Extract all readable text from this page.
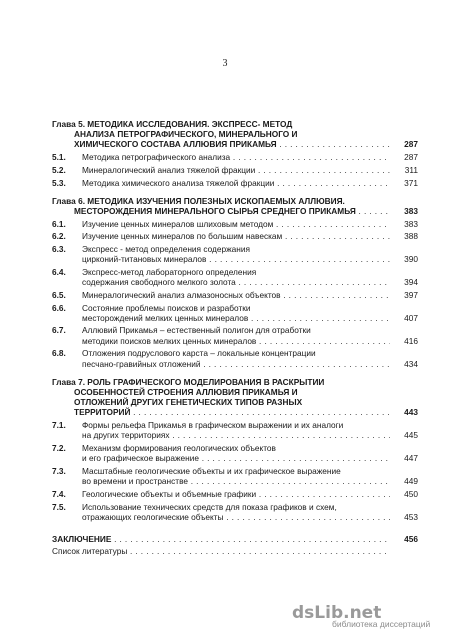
3
Глава 5. МЕТОДИКА ИССЛЕДОВАНИЯ. ЭКСПРЕСС- МЕТОД
АНАЛИЗА ПЕТРОГРАФИЧЕСКОГО, МИНЕРАЛЬНОГО И
ХИМИЧЕСКОГО СОСТАВА АЛЛЮВИЯ ПРИКАМЬЯ . . .	287
5.1. Методика петрографического анализа . . .	287
5.2. Минералогический анализ тяжелой фракции . . .	311
5.3. Методика химического анализа тяжелой фракции . . .	371
Глава 6. МЕТОДИКА ИЗУЧЕНИЯ ПОЛЕЗНЫХ ИСКОПАЕМЫХ АЛЛЮВИЯ.
МЕСТОРОЖДЕНИЯ МИНЕРАЛЬНОГО СЫРЬЯ СРЕДНЕГО ПРИКАМЬЯ . . .	383
6.1. Изучение ценных минералов шлиховым методом . . .	383
6.2. Изучение ценных минералов по большим навескам . . .	388
6.3. Экспресс - метод определения содержания
цирконий-титановых минералов . . .	390
6.4. Экспресс-метод лабораторного определения
содержания свободного мелкого золота . . .	394
6.5. Минералогический анализ алмазоносных объектов . . .	397
6.6. Состояние проблемы поисков и разработки
месторождений мелких ценных минералов . . .	407
6.7. Аллювий Прикамья – естественный полигон для отработки
методики поисков мелких ценных минералов . . .	416
6.8. Отложения подруслового карста – локальные концентрации
песчано-гравийных отложений . . .	434
Глава 7. РОЛЬ ГРАФИЧЕСКОГО МОДЕЛИРОВАНИЯ В РАСКРЫТИИ
ОСОБЕННОСТЕЙ СТРОЕНИЯ АЛЛЮВИЯ ПРИКАМЬЯ И
ОТЛОЖЕНИЙ ДРУГИХ ГЕНЕТИЧЕСКИХ ТИПОВ РАЗНЫХ
ТЕРРИТОРИЙ . . .	443
7.1. Формы рельефа Прикамья в графическом выражении и их аналоги
на других территориях . . .	445
7.2. Механизм формирования геологических объектов
и его графическое выражение . . .	447
7.3. Масштабные геологические объекты и их графическое выражение
во времени и пространстве . . .	449
7.4. Геологические объекты и объемные графики . . .	450
7.5. Использование технических средств для показа графиков и схем,
отражающих геологические объекты . . .	453
ЗАКЛЮЧЕНИЕ . . .	456
Список литературы . . .
dsLib.net
библиотека диссертаций
